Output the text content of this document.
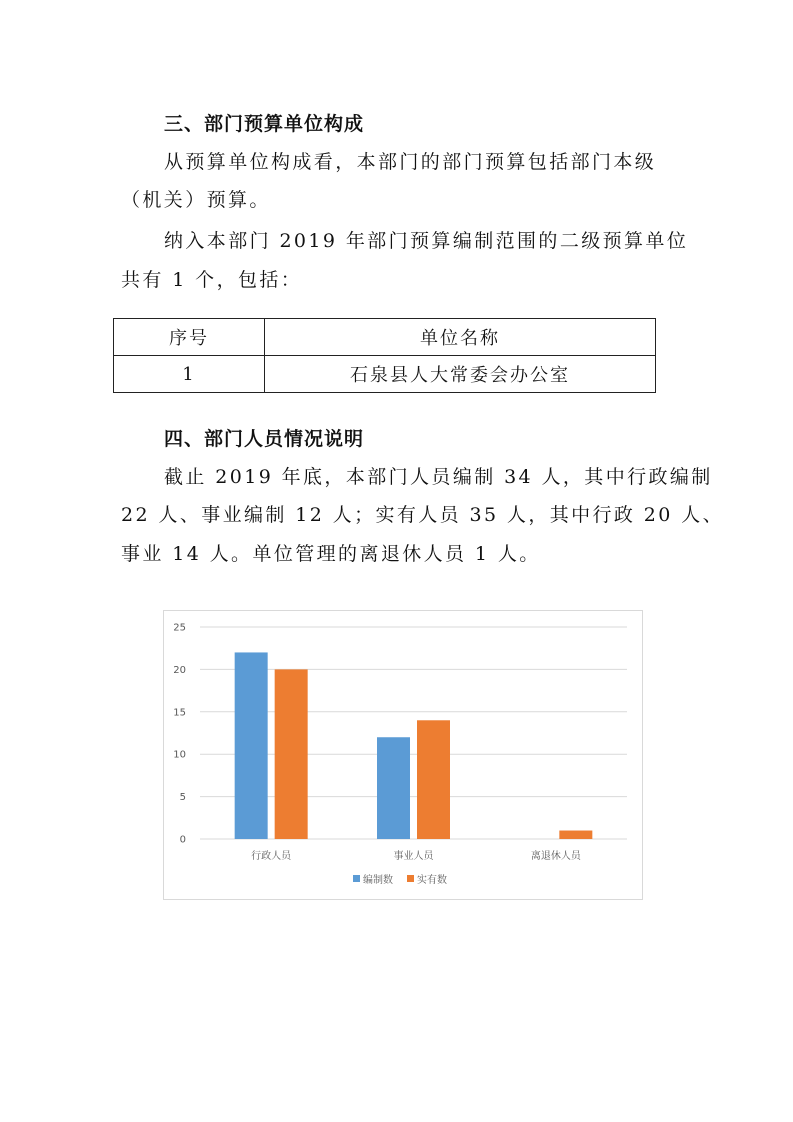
三、部门预算单位构成
从预算单位构成看，本部门的部门预算包括部门本级
（机关）预算。
纳入本部门 2019 年部门预算编制范围的二级预算单位
共有 1 个，包括：
序号	单位名称
1	石泉县人大常委会办公室
四、部门人员情况说明
截止 2019 年底，本部门人员编制 34 人，其中行政编制
22 人、事业编制 12 人；实有人员 35 人，其中行政 20 人、
事业 14 人。单位管理的离退休人员 1 人。
0
5
10
15
20
25
行政人员	事业人员	离退休人员
编制数 实有数
